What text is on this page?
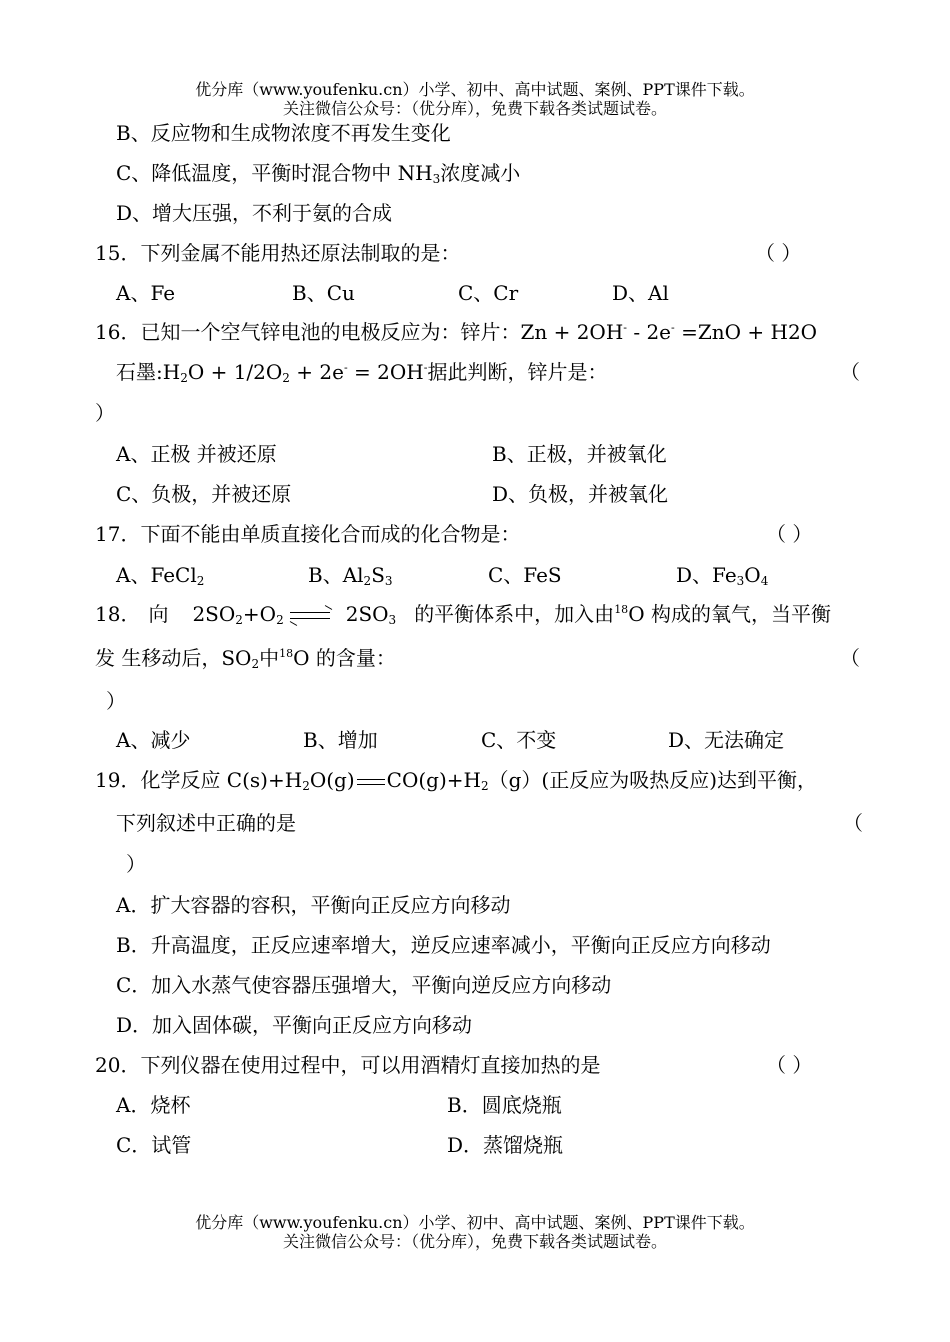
优分库（www.youfenku.cn）小学、初中、高中试题、案例、PPT课件下载。
关注微信公众号：（优分库），免费下载各类试题试卷。
B、反应物和生成物浓度不再发生变化
C、降低温度，平衡时混合物中 $NH_3$浓度减小
D、增大压强，不利于氨的合成
15．下列金属不能用热还原法制取的是：	（ ）
A、Fe	B、Cu	C、Cr	D、Al
16．已知一个空气锌电池的电极反应为：锌片：Zn + 2OH- - 2e- =ZnO + H2O
石墨$:H_2O + 1/2O_2 + 2e^- = 2OH^-$据此判断，锌片是：	（
）
A、正极 并被还原	B、正极，并被氧化
C、负极，并被还原	D、负极，并被氧化
17．下面不能由单质直接化合而成的化合物是：	（ ）
A、FeCl$_2$	B、$Al_2S_3$	C、FeS	D、$Fe_3O_4$
18． 向 $2SO_2+O_2$ ⇌ $2SO_3$ 的平衡体系中，加入由$^{18}$O 构成的氧气，当平衡
发 生移动后，$SO_2$中$^{18}$O 的含量：	（
）
A、减少	B、增加	C、不变	D、无法确定
19．化学反应 $C(s)+H_2O(g)$ $CO(g)+H_2(g)$(正反应为吸热反应)达到平衡，
下列叙述中正确的是	（
）
A．扩大容器的容积，平衡向正反应方向移动
B．升高温度，正反应速率增大，逆反应速率减小，平衡向正反应方向移动
C．加入水蒸气使容器压强增大，平衡向逆反应方向移动
D．加入固体碳，平衡向正反应方向移动
20．下列仪器在使用过程中，可以用酒精灯直接加热的是	（ ）
A．烧杯	B．圆底烧瓶
C．试管	D．蒸馏烧瓶
优分库（www.youfenku.cn）小学、初中、高中试题、案例、PPT课件下载。
关注微信公众号：（优分库），免费下载各类试题试卷。
